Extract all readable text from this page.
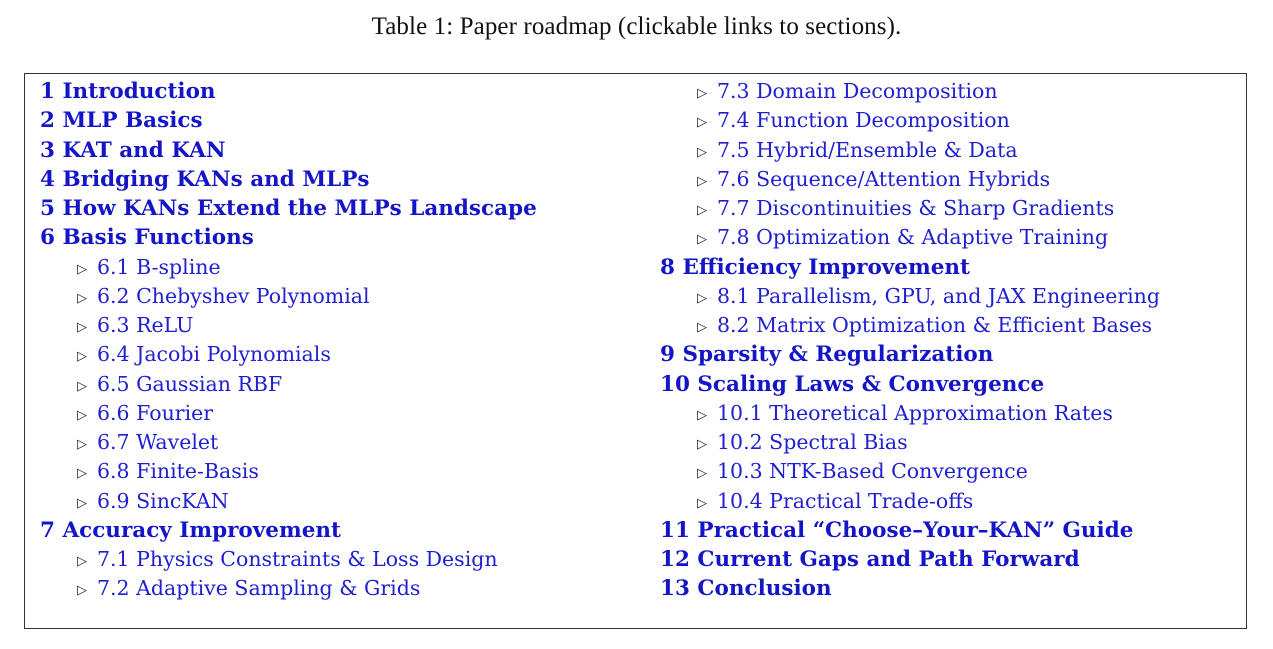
Table 1: Paper roadmap (clickable links to sections).
1 Introduction
2 MLP Basics
3 KAT and KAN
4 Bridging KANs and MLPs
5 How KANs Extend the MLPs Landscape
6 Basis Functions
▷ 6.1 B-spline
▷ 6.2 Chebyshev Polynomial
▷ 6.3 ReLU
▷ 6.4 Jacobi Polynomials
▷ 6.5 Gaussian RBF
▷ 6.6 Fourier
▷ 6.7 Wavelet
▷ 6.8 Finite-Basis
▷ 6.9 SincKAN
7 Accuracy Improvement
▷ 7.1 Physics Constraints & Loss Design
▷ 7.2 Adaptive Sampling & Grids
▷ 7.3 Domain Decomposition
▷ 7.4 Function Decomposition
▷ 7.5 Hybrid/Ensemble & Data
▷ 7.6 Sequence/Attention Hybrids
▷ 7.7 Discontinuities & Sharp Gradients
▷ 7.8 Optimization & Adaptive Training
8 Efficiency Improvement
▷ 8.1 Parallelism, GPU, and JAX Engineering
▷ 8.2 Matrix Optimization & Efficient Bases
9 Sparsity & Regularization
10 Scaling Laws & Convergence
▷ 10.1 Theoretical Approximation Rates
▷ 10.2 Spectral Bias
▷ 10.3 NTK-Based Convergence
▷ 10.4 Practical Trade-offs
11 Practical “Choose–Your–KAN” Guide
12 Current Gaps and Path Forward
13 Conclusion
